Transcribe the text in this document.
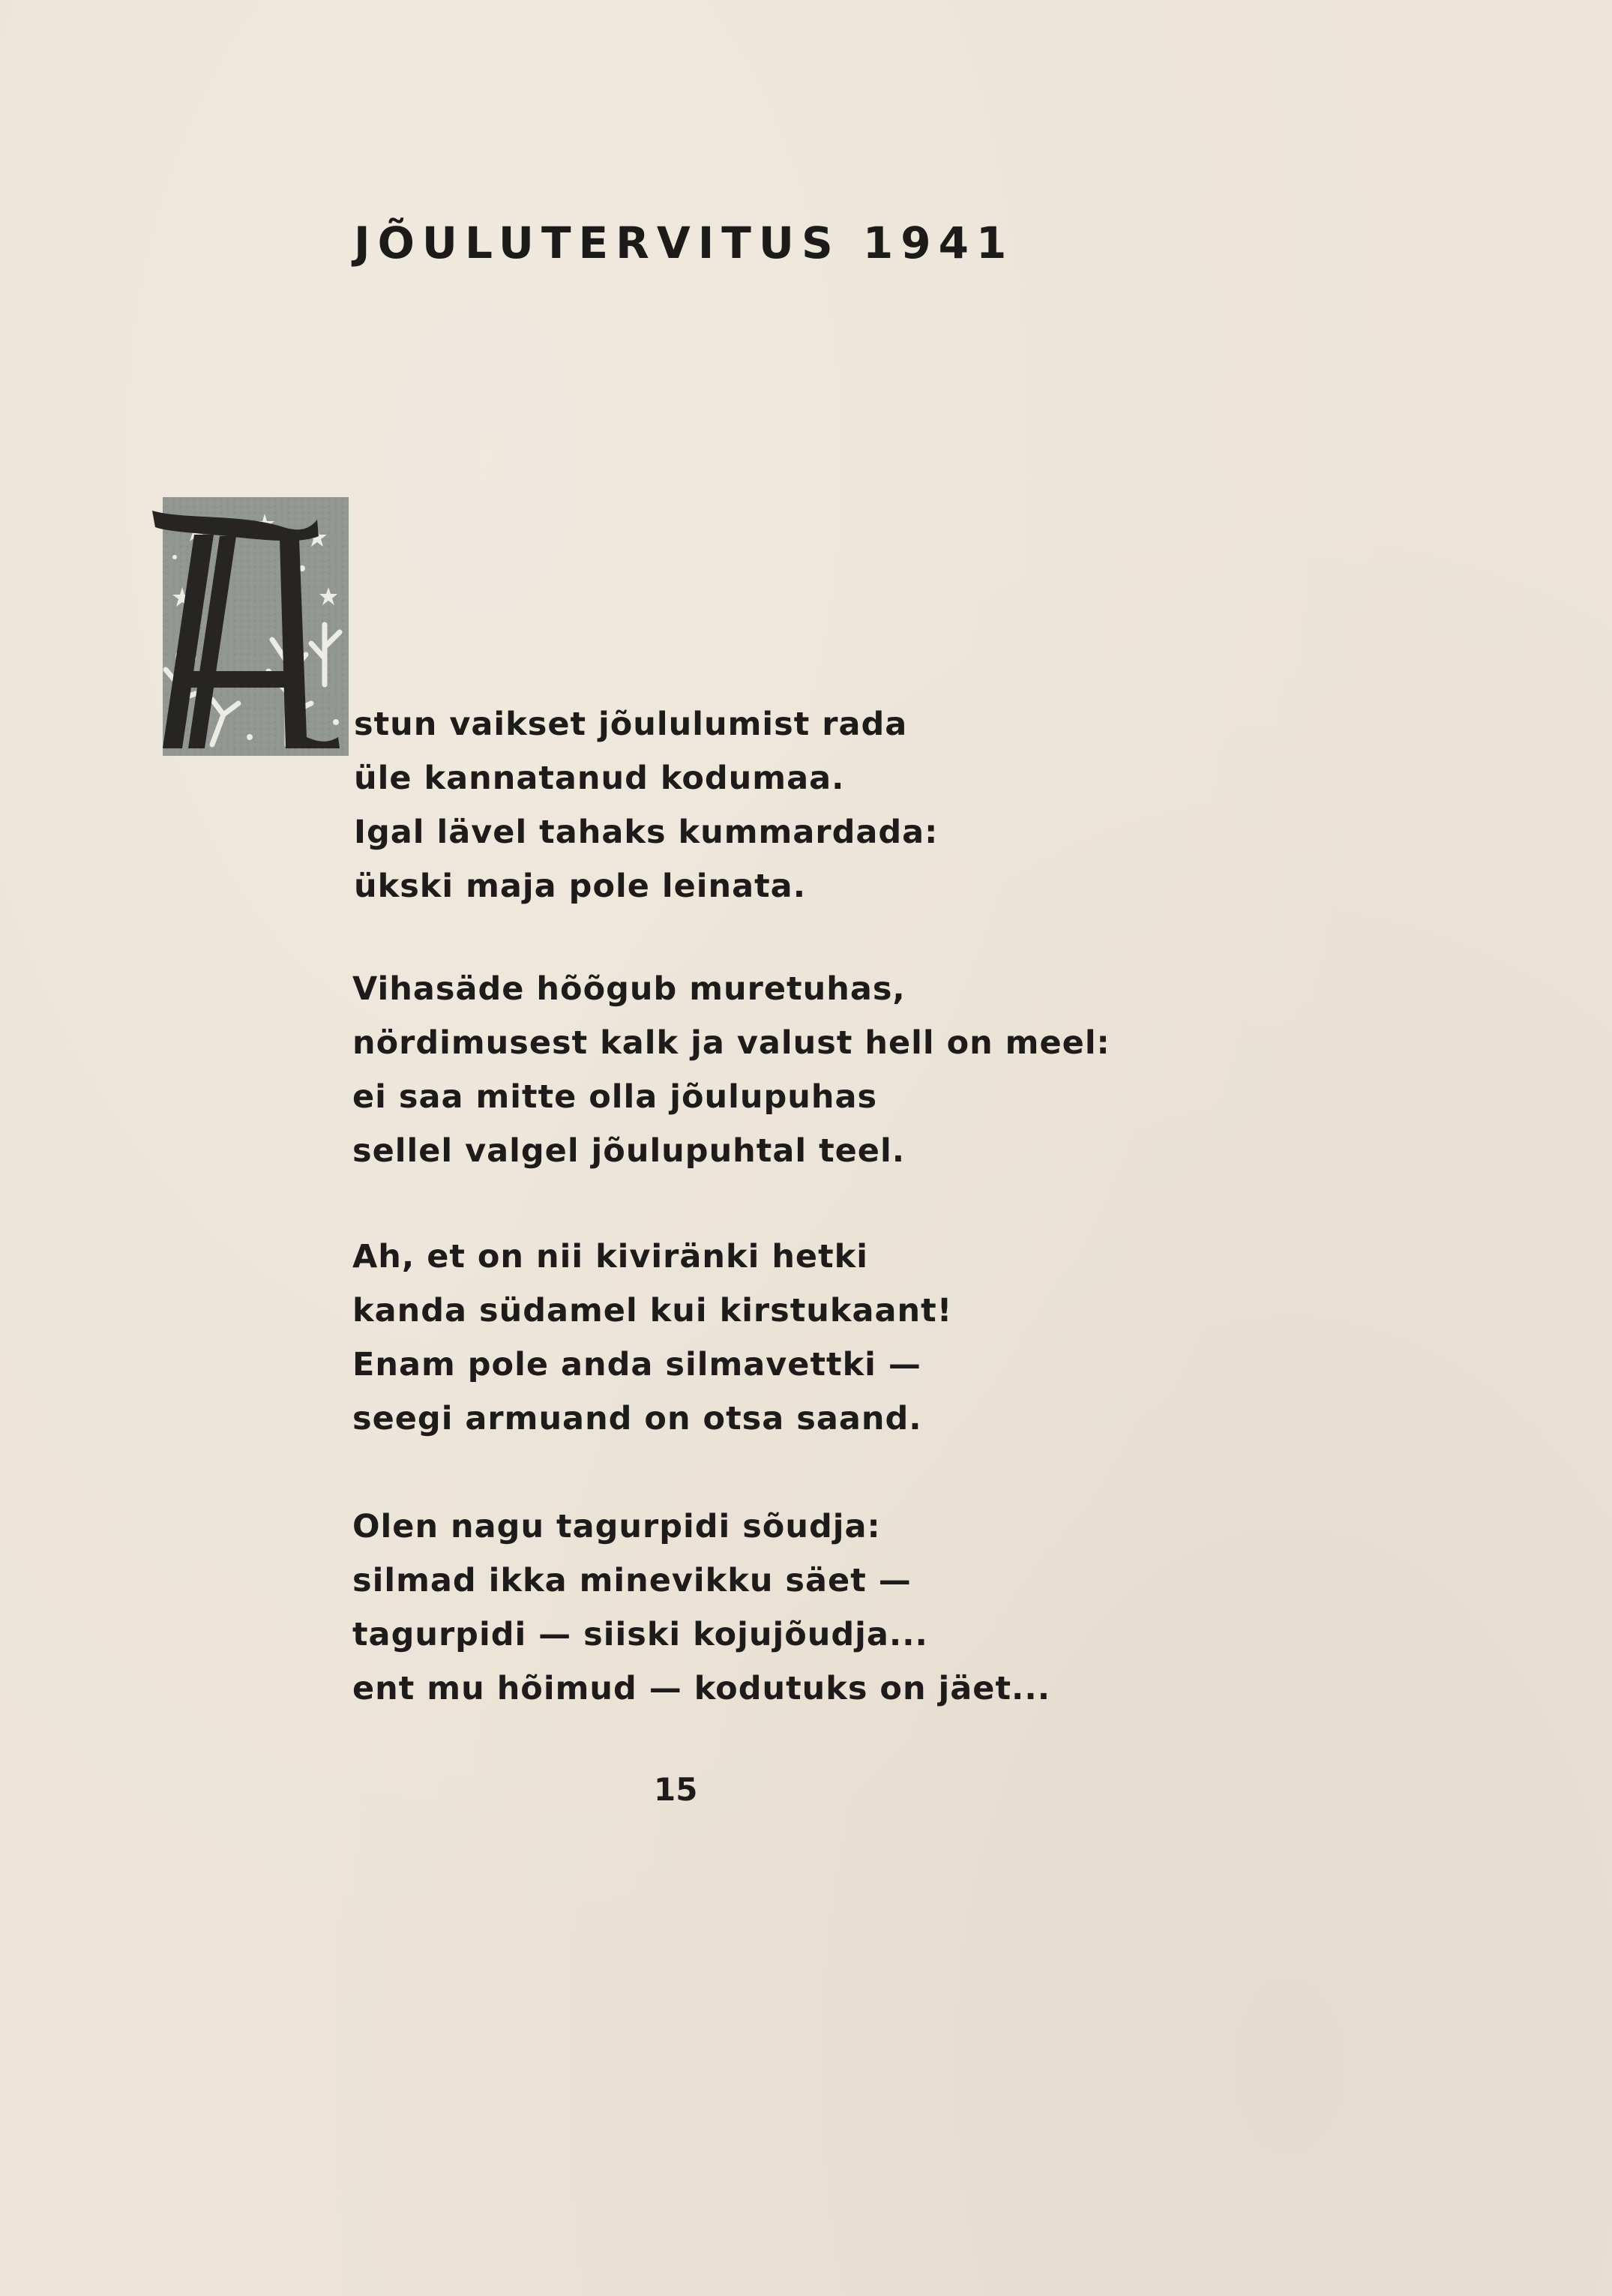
JÕULUTERVITUS 1941
stun vaikset jõululumist rada
üle kannatanud kodumaa.
Igal lävel tahaks kummardada:
ükski maja pole leinata.
Vihasäde hõõgub muretuhas,
nördimusest kalk ja valust hell on meel:
ei saa mitte olla jõulupuhas
sellel valgel jõulupuhtal teel.
Ah, et on nii kiviränki hetki
kanda südamel kui kirstukaant!
Enam pole anda silmavettki —
seegi armuand on otsa saand.
Olen nagu tagurpidi sõudja:
silmad ikka minevikku säet —
tagurpidi — siiski kojujõudja...
ent mu hõimud — kodutuks on jäet...
15
